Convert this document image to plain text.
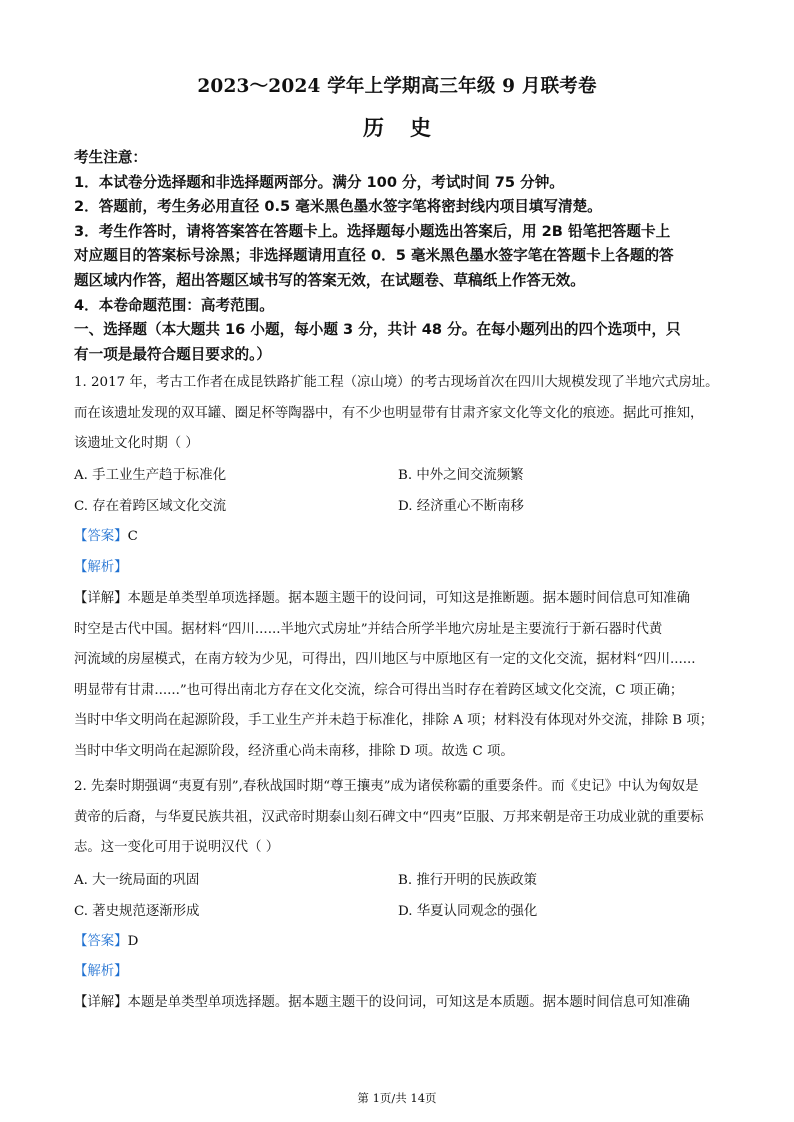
2023～2024 学年上学期高三年级 9 月联考卷
历史
考生注意：
1．本试卷分选择题和非选择题两部分。满分 100 分，考试时间 75 分钟。
2．答题前，考生务必用直径 0.5 毫米黑色墨水签字笔将密封线内项目填写清楚。
3．考生作答时，请将答案答在答题卡上。选择题每小题选出答案后，用 2B 铅笔把答题卡上
对应题目的答案标号涂黑；非选择题请用直径 0．5 毫米黑色墨水签字笔在答题卡上各题的答
题区域内作答，超出答题区域书写的答案无效，在试题卷、草稿纸上作答无效。
4．本卷命题范围：高考范围。
一、选择题（本大题共 16 小题，每小题 3 分，共计 48 分。在每小题列出的四个选项中，只
有一项是最符合题目要求的。）
1. 2017 年，考古工作者在成昆铁路扩能工程（凉山境）的考古现场首次在四川大规模发现了半地穴式房址。
而在该遗址发现的双耳罐、圈足杯等陶器中，有不少也明显带有甘肃齐家文化等文化的痕迹。据此可推知，
该遗址文化时期（ ）
A. 手工业生产趋于标准化	B. 中外之间交流频繁
C. 存在着跨区域文化交流	D. 经济重心不断南移
【答案】C
【解析】
【详解】本题是单类型单项选择题。据本题主题干的设问词，可知这是推断题。据本题时间信息可知准确
时空是古代中国。据材料“四川......半地穴式房址”并结合所学半地穴房址是主要流行于新石器时代黄
河流域的房屋模式，在南方较为少见，可得出，四川地区与中原地区有一定的文化交流，据材料“四川......
明显带有甘肃......”也可得出南北方存在文化交流，综合可得出当时存在着跨区域文化交流，C 项正确；
当时中华文明尚在起源阶段，手工业生产并未趋于标准化，排除 A 项；材料没有体现对外交流，排除 B 项；
当时中华文明尚在起源阶段，经济重心尚未南移，排除 D 项。故选 C 项。
2. 先秦时期强调“夷夏有别”,春秋战国时期“尊王攘夷”成为诸侯称霸的重要条件。而《史记》中认为匈奴是
黄帝的后裔，与华夏民族共祖，汉武帝时期泰山刻石碑文中“四夷”臣服、万邦来朝是帝王功成业就的重要标
志。这一变化可用于说明汉代（ ）
A. 大一统局面的巩固	B. 推行开明的民族政策
C. 著史规范逐渐形成	D. 华夏认同观念的强化
【答案】D
【解析】
【详解】本题是单类型单项选择题。据本题主题干的设问词，可知这是本质题。据本题时间信息可知准确
第 1页/共 14页
